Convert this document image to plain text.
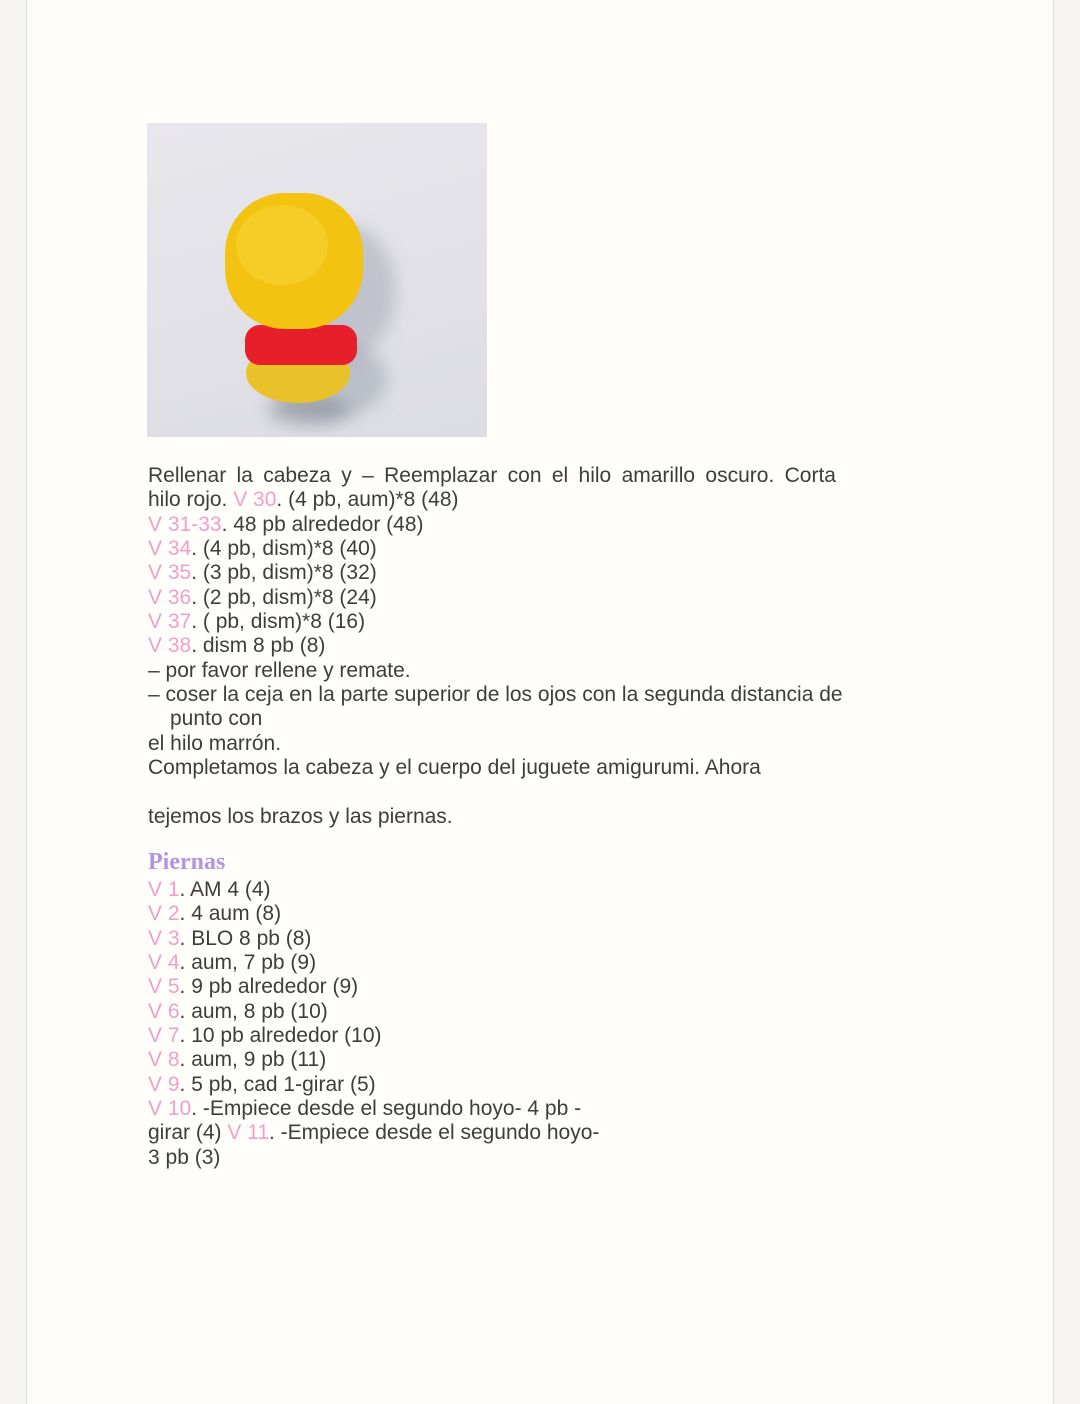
Rellenar la cabeza y – Reemplazar con el hilo amarillo oscuro. Corta
hilo rojo. V 30. (4 pb, aum)*8 (48)
V 31-33. 48 pb alrededor (48)
V 34. (4 pb, dism)*8 (40)
V 35. (3 pb, dism)*8 (32)
V 36. (2 pb, dism)*8 (24)
V 37. ( pb, dism)*8 (16)
V 38. dism 8 pb (8)
– por favor rellene y remate.
– coser la ceja en la parte superior de los ojos con la segunda distancia de
punto con
el hilo marrón.
Completamos la cabeza y el cuerpo del juguete amigurumi. Ahora
tejemos los brazos y las piernas.
Piernas
V 1. AM 4 (4)
V 2. 4 aum (8)
V 3. BLO 8 pb (8)
V 4. aum, 7 pb (9)
V 5. 9 pb alrededor (9)
V 6. aum, 8 pb (10)
V 7. 10 pb alrededor (10)
V 8. aum, 9 pb (11)
V 9. 5 pb, cad 1-girar (5)
V 10. -Empiece desde el segundo hoyo- 4 pb -
girar (4) V 11. -Empiece desde el segundo hoyo-
3 pb (3)
